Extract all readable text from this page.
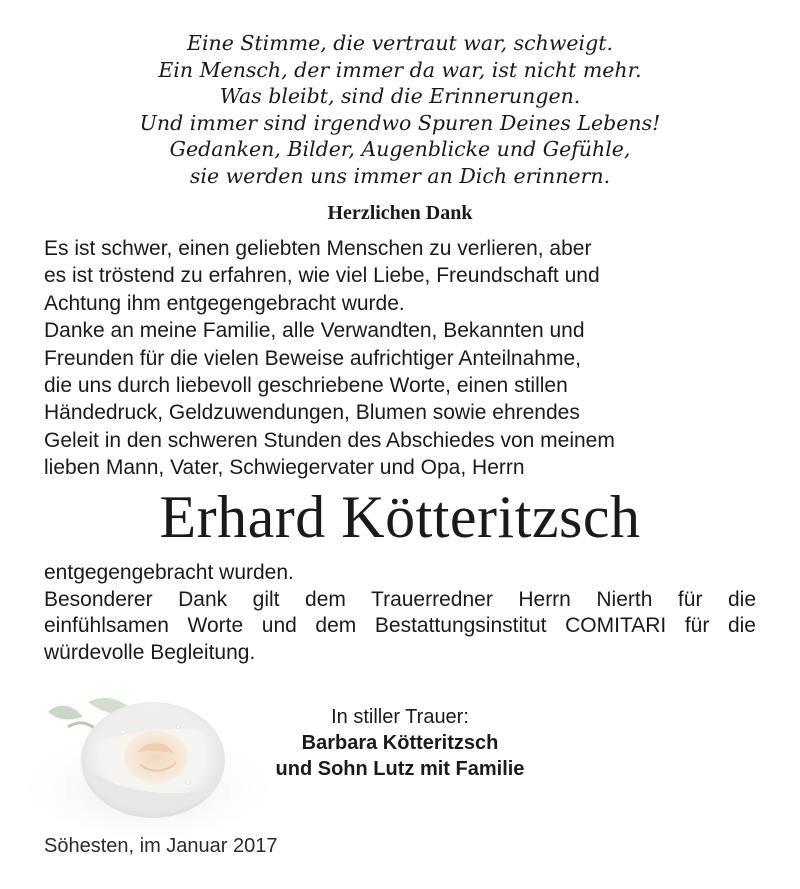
Eine Stimme, die vertraut war, schweigt.
Ein Mensch, der immer da war, ist nicht mehr.
Was bleibt, sind die Erinnerungen.
Und immer sind irgendwo Spuren Deines Lebens!
Gedanken, Bilder, Augenblicke und Gefühle,
sie werden uns immer an Dich erinnern.
Herzlichen Dank
Es ist schwer, einen geliebten Menschen zu verlieren, aber
es ist tröstend zu erfahren, wie viel Liebe, Freundschaft und
Achtung ihm entgegengebracht wurde.
Danke an meine Familie, alle Verwandten, Bekannten und
Freunden für die vielen Beweise aufrichtiger Anteilnahme,
die uns durch liebevoll geschriebene Worte, einen stillen
Händedruck, Geldzuwendungen, Blumen sowie ehrendes
Geleit in den schweren Stunden des Abschiedes von meinem
lieben Mann, Vater, Schwiegervater und Opa, Herrn
Erhard Kötteritzsch
entgegengebracht wurden.
Besonderer Dank gilt dem Trauerredner Herrn Nierth für die
einfühlsamen Worte und dem Bestattungsinstitut COMITARI für die
würdevolle Begleitung.
In stiller Trauer:
Barbara Kötteritzsch
und Sohn Lutz mit Familie
Söhesten, im Januar 2017
